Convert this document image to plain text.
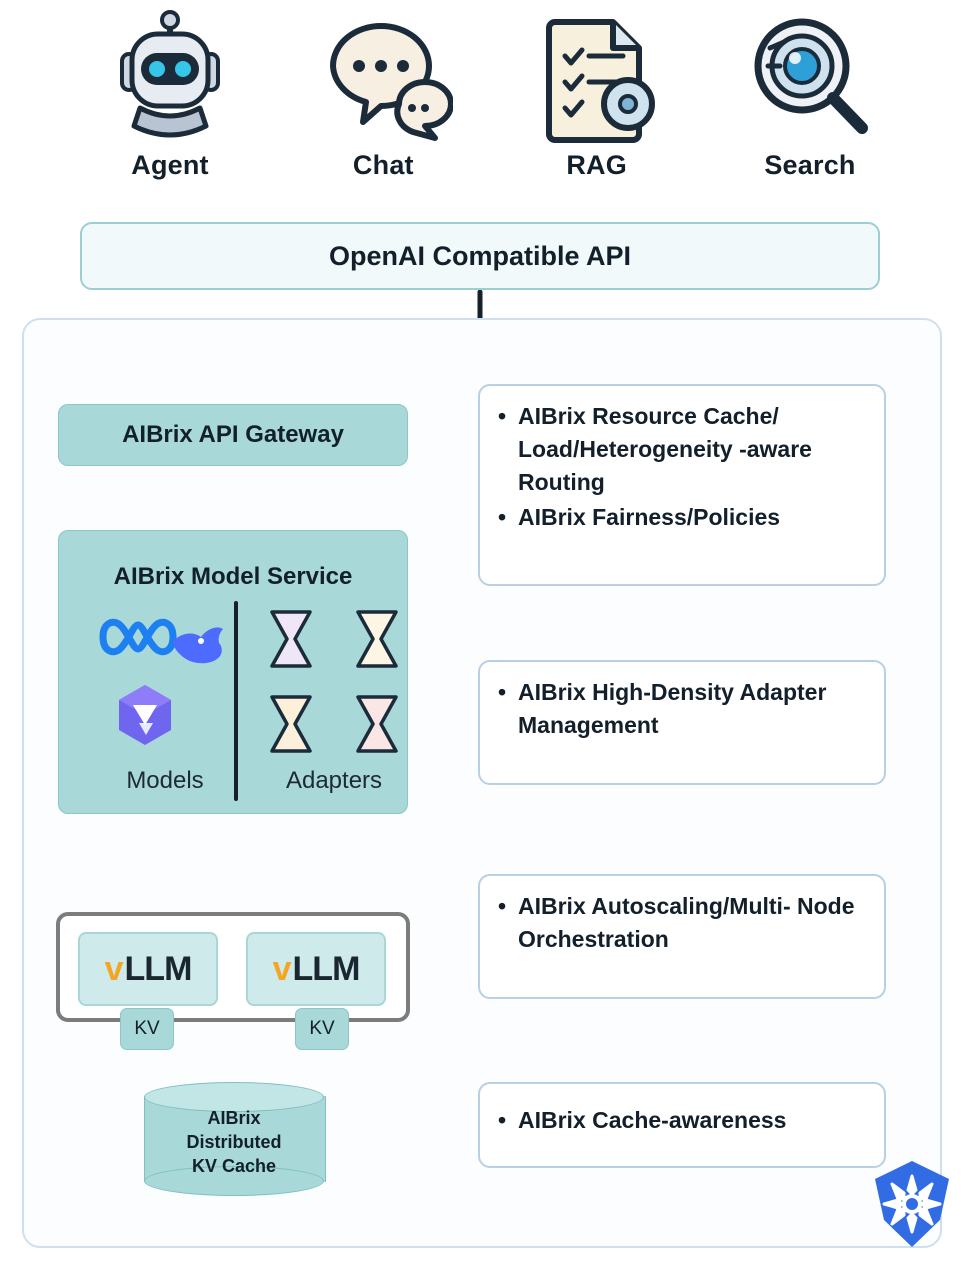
Agent	Chat	RAG	Search
OpenAI Compatible API
AIBrix API Gateway
AIBrix Model Service
Models	Adapters
v LLM v LLM
KV	KV
AIBrix
Distributed
KV Cache
• AIBrix Resource Cache/ Load/Heterogeneity -aware Routing
• AIBrix Fairness/Policies
• AIBrix High-Density Adapter Management
• AIBrix Autoscaling/Multi- Node Orchestration
• AIBrix Cache-awareness
